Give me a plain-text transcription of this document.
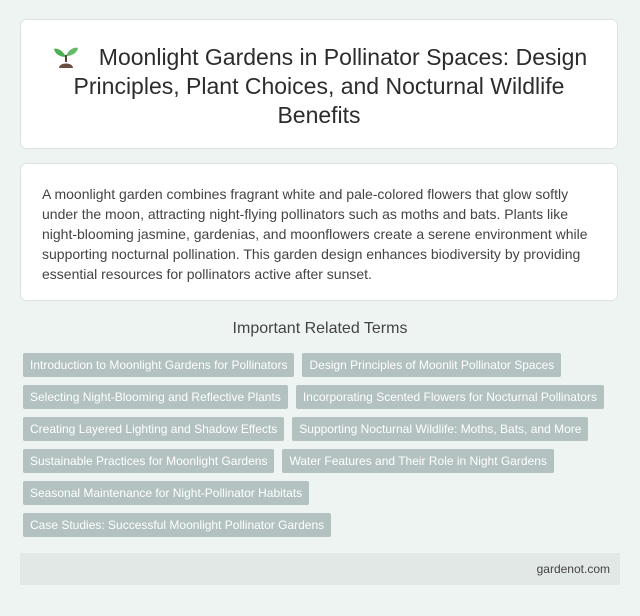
Moonlight Gardens in Pollinator Spaces: Design Principles, Plant Choices, and Nocturnal Wildlife Benefits

A moonlight garden combines fragrant white and pale-colored flowers that glow softly under the moon, attracting night-flying pollinators such as moths and bats. Plants like night-blooming jasmine, gardenias, and moonflowers create a serene environment while supporting nocturnal pollination. This garden design enhances biodiversity by providing essential resources for pollinators active after sunset.

Important Related Terms
Introduction to Moonlight Gardens for Pollinators	Design Principles of Moonlit Pollinator Spaces
Selecting Night-Blooming and Reflective Plants	Incorporating Scented Flowers for Nocturnal Pollinators
Creating Layered Lighting and Shadow Effects	Supporting Nocturnal Wildlife: Moths, Bats, and More
Sustainable Practices for Moonlight Gardens	Water Features and Their Role in Night Gardens
Seasonal Maintenance for Night-Pollinator Habitats
Case Studies: Successful Moonlight Pollinator Gardens
gardenot.com
